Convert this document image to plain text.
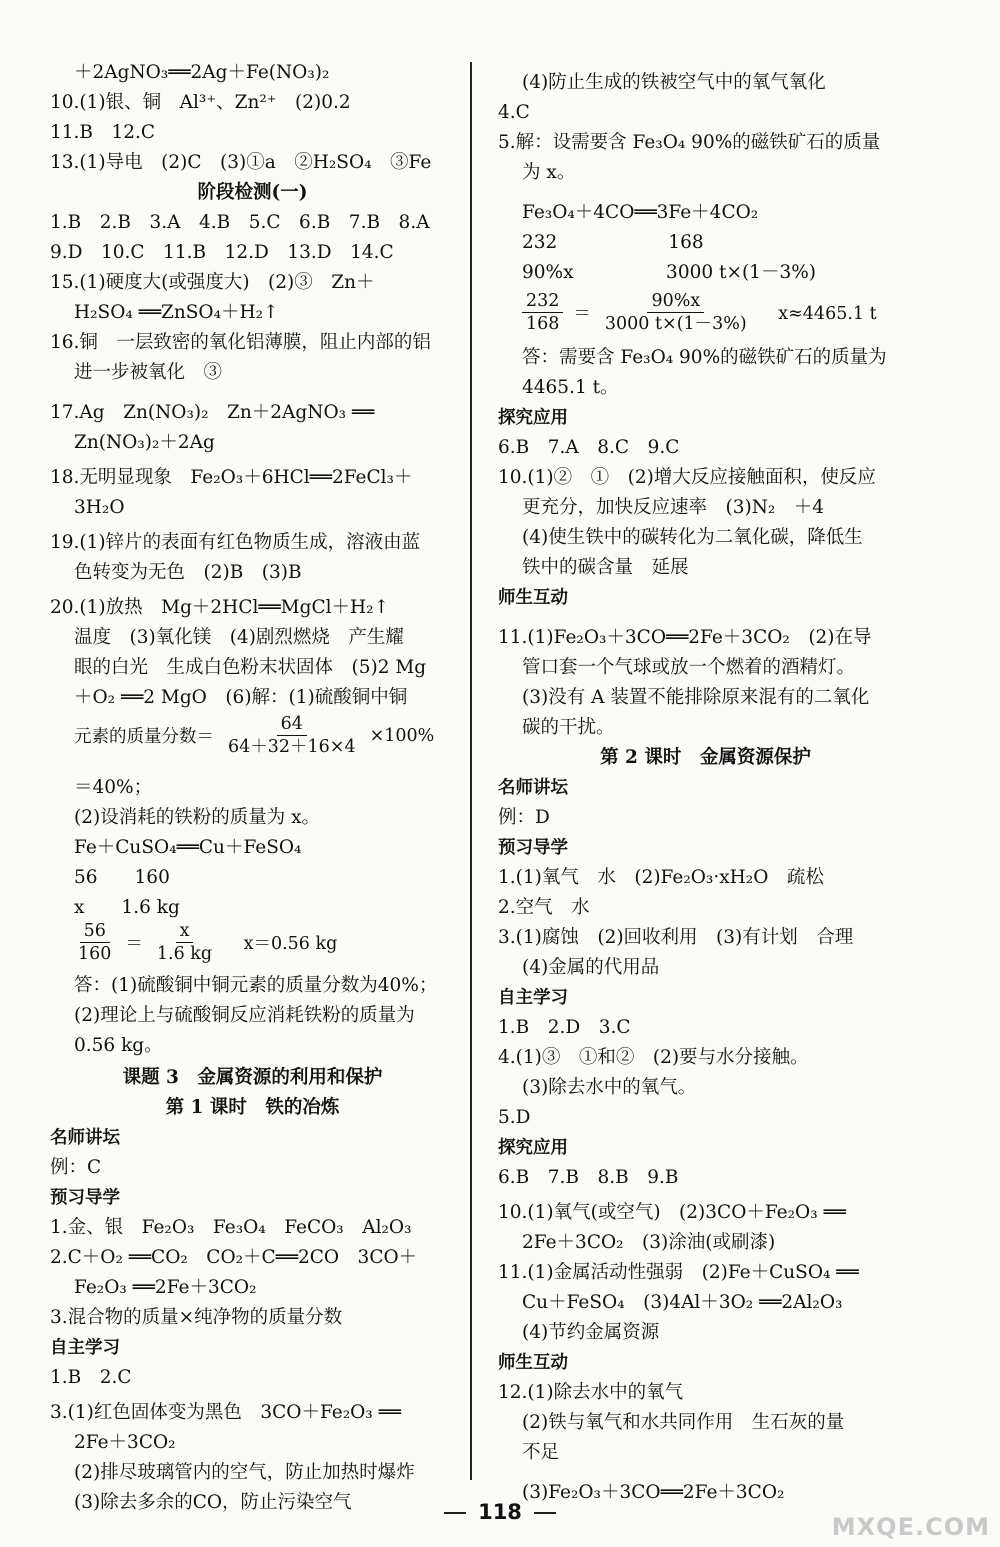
＋2AgNO₃══2Ag＋Fe(NO₃)₂
10.(1)银、铜　Al³⁺、Zn²⁺　(2)0.2
11.B　12.C
13.(1)导电　(2)C　(3)①a　②H₂SO₄　③Fe
阶段检测(一)
1.B　2.B　3.A　4.B　5.C　6.B　7.B　8.A
9.D　10.C　11.B　12.D　13.D　14.C
15.(1)硬度大(或强度大)　(2)③　Zn＋
H₂SO₄ ══ZnSO₄＋H₂↑
16.铜　一层致密的氧化铝薄膜，阻止内部的铝
进一步被氧化　③
17.Ag　Zn(NO₃)₂　Zn＋2AgNO₃ ══
Zn(NO₃)₂＋2Ag
18.无明显现象　Fe₂O₃＋6HCl══2FeCl₃＋
3H₂O
19.(1)锌片的表面有红色物质生成，溶液由蓝
色转变为无色　(2)B　(3)B
20.(1)放热　Mg＋2HCl══MgCl＋H₂↑
温度　(3)氧化镁　(4)剧烈燃烧　产生耀
眼的白光　生成白色粉末状固体　(5)2 Mg
＋O₂ ══2 MgO　(6)解：(1)硫酸铜中铜
＝40%；
(2)设消耗的铁粉的质量为 x。
Fe＋CuSO₄══Cu＋FeSO₄
56　　160
x　　1.6 kg
答：(1)硫酸铜中铜元素的质量分数为40%；
(2)理论上与硫酸铜反应消耗铁粉的质量为
0.56 kg。
课题 3　金属资源的利用和保护
第 1 课时　铁的冶炼
名师讲坛
例：C
预习导学
1.金、银　Fe₂O₃　Fe₃O₄　FeCO₃　Al₂O₃
2.C＋O₂ ══CO₂　CO₂＋C══2CO　3CO＋
Fe₂O₃ ══2Fe＋3CO₂
3.混合物的质量×纯净物的质量分数
自主学习
1.B　2.C
3.(1)红色固体变为黑色　3CO＋Fe₂O₃ ══
2Fe＋3CO₂
(2)排尽玻璃管内的空气，防止加热时爆炸
(3)除去多余的CO，防止污染空气
元素的质量分数＝ $\frac{64}{64+32+16\times 4} \times 100\%$
$\frac{56}{160} = \frac{x}{1.6 kg}$ 　x＝0.56 kg
(4)防止生成的铁被空气中的氧气氧化
4.C
5.解：设需要含 Fe₃O₄ 90%的磁铁矿石的质量
为 x。
Fe₃O₄＋4CO══3Fe＋4CO₂
232　　　　　　168
90%x　　　　　3000 t×(1－3%)
答：需要含 Fe₃O₄ 90%的磁铁矿石的质量为
4465.1 t。
探究应用
6.B　7.A　8.C　9.C
10.(1)②　①　(2)增大反应接触面积，使反应
更充分，加快反应速率　(3)N₂　＋4
(4)使生铁中的碳转化为二氧化碳，降低生
铁中的碳含量　延展
师生互动
11.(1)Fe₂O₃＋3CO══2Fe＋3CO₂　(2)在导
管口套一个气球或放一个燃着的酒精灯。
(3)没有 A 装置不能排除原来混有的二氧化
碳的干扰。
第 2 课时　金属资源保护
名师讲坛
例：D
预习导学
1.(1)氧气　水　(2)Fe₂O₃·xH₂O　疏松
2.空气　水
3.(1)腐蚀　(2)回收利用　(3)有计划　合理
(4)金属的代用品
自主学习
1.B　2.D　3.C
4.(1)③　①和②　(2)要与水分接触。
(3)除去水中的氧气。
5.D
探究应用
6.B　7.B　8.B　9.B
10.(1)氧气(或空气)　(2)3CO＋Fe₂O₃ ══
2Fe＋3CO₂　(3)涂油(或刷漆)
11.(1)金属活动性强弱　(2)Fe＋CuSO₄ ══
Cu＋FeSO₄　(3)4Al＋3O₂ ══2Al₂O₃
(4)节约金属资源
师生互动
12.(1)除去水中的氧气
(2)铁与氧气和水共同作用　生石灰的量
不足
(3)Fe₂O₃＋3CO══2Fe＋3CO₂
$\frac{232}{168} = \frac{90\%x}{3000 t\times(1-3\%)}$ 　x≈4465.1 t
118
MXQE.COM
